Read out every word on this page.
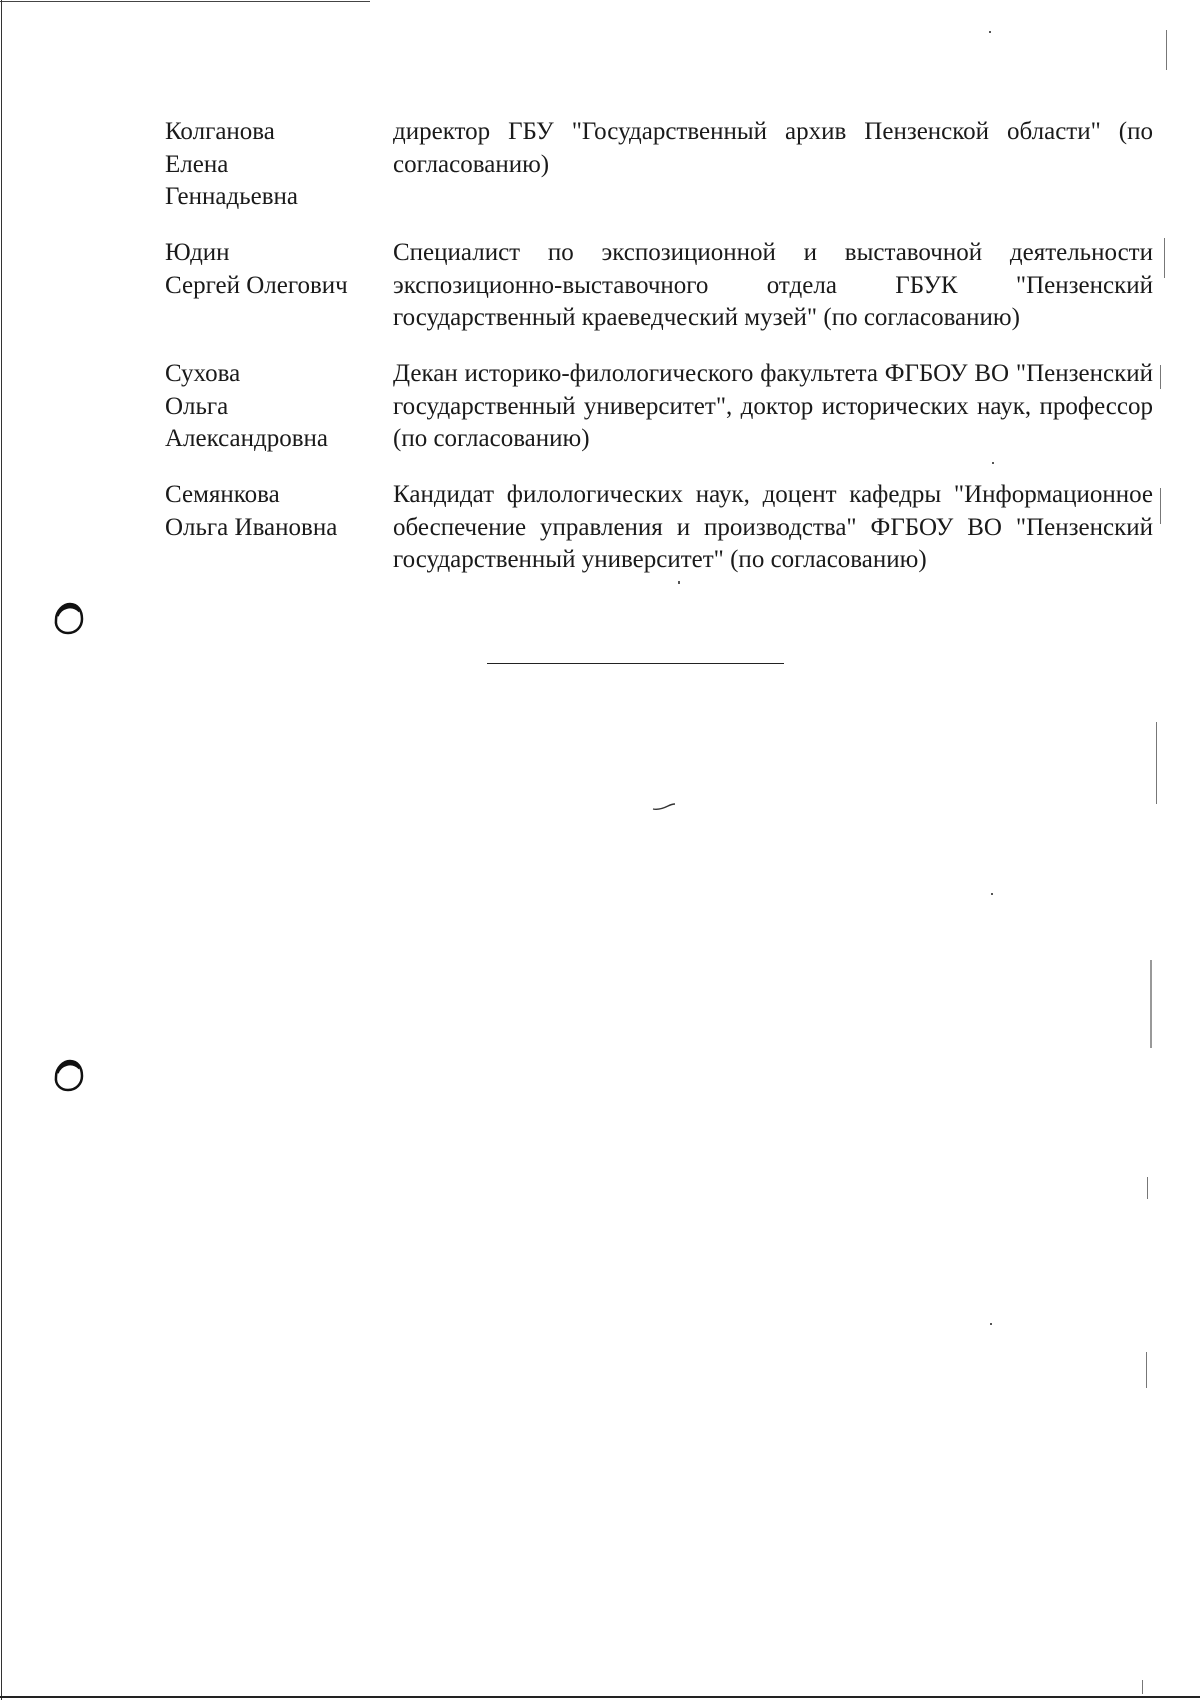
Колганова
Елена
Геннадьевна
директор ГБУ "Государственный архив Пензенской области" (по согласованию)
Юдин
Сергей Олегович
Специалист по экспозиционной и выставочной деятельности экспозиционно-выставочного отдела ГБУК "Пензенский государственный краеведческий музей" (по согласованию)
Сухова
Ольга
Александровна
Декан историко-филологического факультета ФГБОУ ВО "Пензенский государственный университет", доктор исторических наук, профессор (по согласованию)
Семянкова
Ольга Ивановна
Кандидат филологических наук, доцент кафедры "Информационное обеспечение управления и производства" ФГБОУ ВО "Пензенский государственный университет" (по согласованию)
